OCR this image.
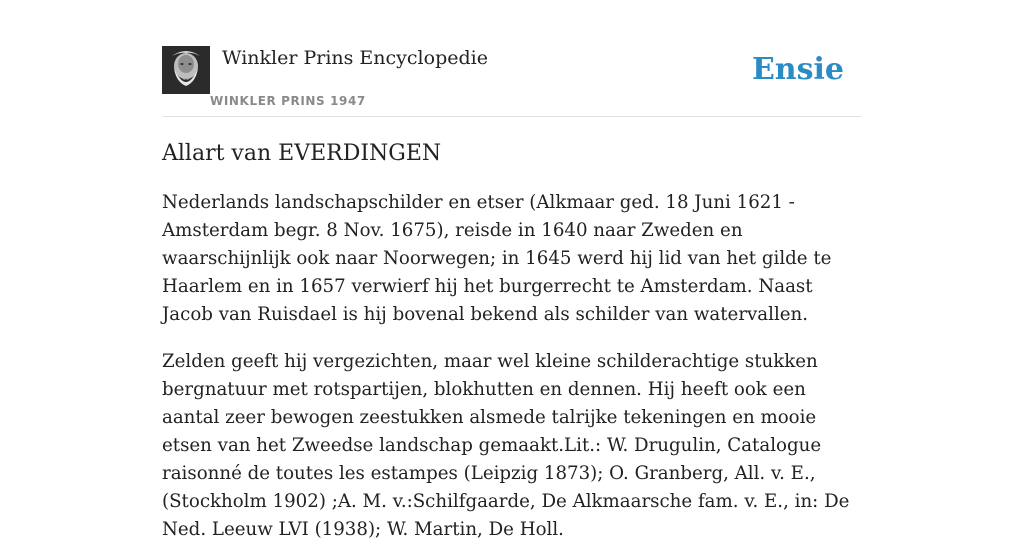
Winkler Prins Encyclopedie
WINKLER PRINS 1947
Ensie
Allart van EVERDINGEN

Nederlands landschapschilder en etser (Alkmaar ged. 18 Juni 1621 - Amsterdam begr. 8 Nov. 1675), reisde in 1640 naar Zweden en waarschijnlijk ook naar Noorwegen; in 1645 werd hij lid van het gilde te Haarlem en in 1657 verwierf hij het burgerrecht te Amsterdam. Naast Jacob van Ruisdael is hij bovenal bekend als schilder van watervallen.

Zelden geeft hij vergezichten, maar wel kleine schilderachtige stukken bergnatuur met rotspartijen, blokhutten en dennen. Hij heeft ook een aantal zeer bewogen zeestukken alsmede talrijke tekeningen en mooie etsen van het Zweedse landschap gemaakt.Lit.: W. Drugulin, Catalogue raisonné de toutes les estampes (Leipzig 1873); O. Granberg, All. v. E., (Stockholm 1902) ;A. M. v.:Schilfgaarde, De Alkmaarsche fam. v. E., in: De Ned. Leeuw LVI (1938); W. Martin, De Holl.
